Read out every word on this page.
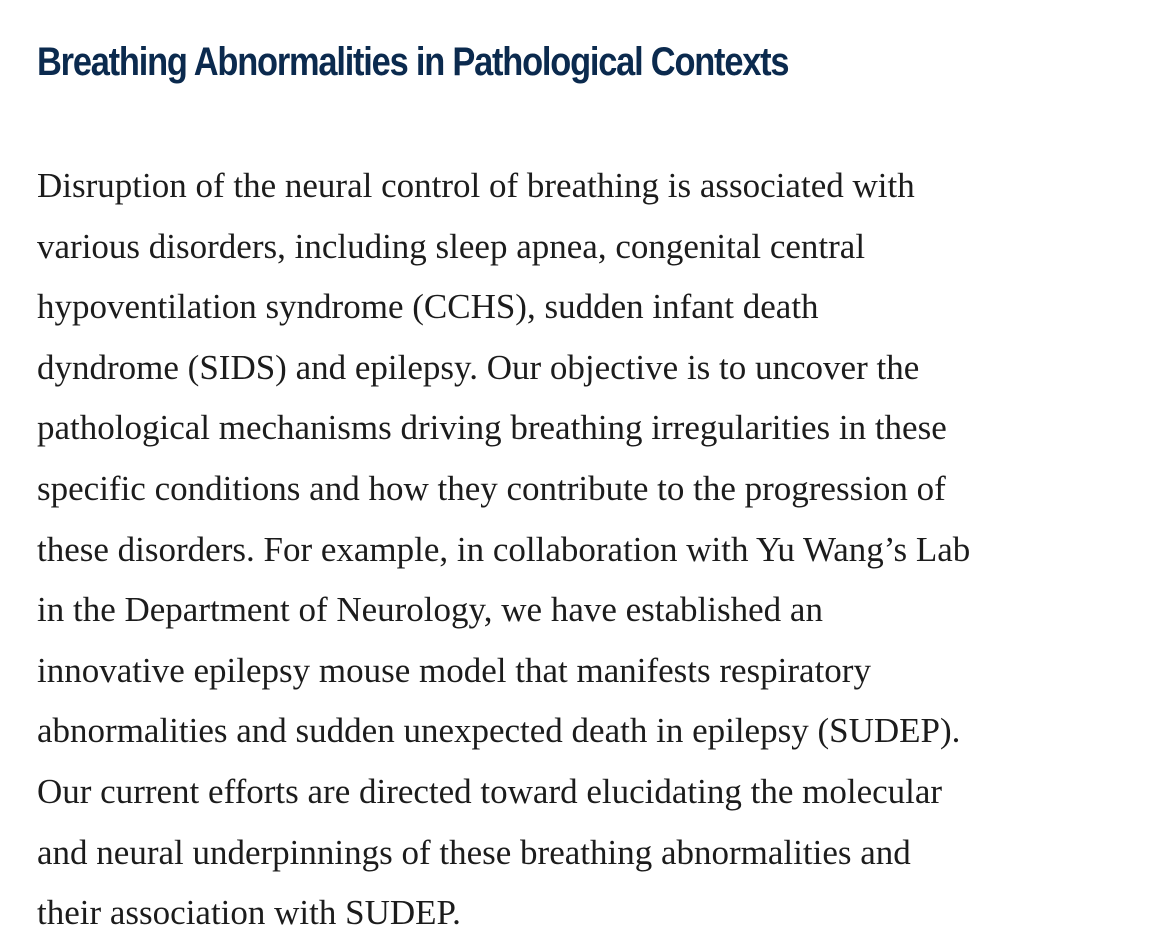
Breathing Abnormalities in Pathological Contexts

Disruption of the neural control of breathing is associated with
various disorders, including sleep apnea, congenital central
hypoventilation syndrome (CCHS), sudden infant death
dyndrome (SIDS) and epilepsy. Our objective is to uncover the
pathological mechanisms driving breathing irregularities in these
specific conditions and how they contribute to the progression of
these disorders. For example, in collaboration with Yu Wang’s Lab
in the Department of Neurology, we have established an
innovative epilepsy mouse model that manifests respiratory
abnormalities and sudden unexpected death in epilepsy (SUDEP).
Our current efforts are directed toward elucidating the molecular
and neural underpinnings of these breathing abnormalities and
their association with SUDEP.
